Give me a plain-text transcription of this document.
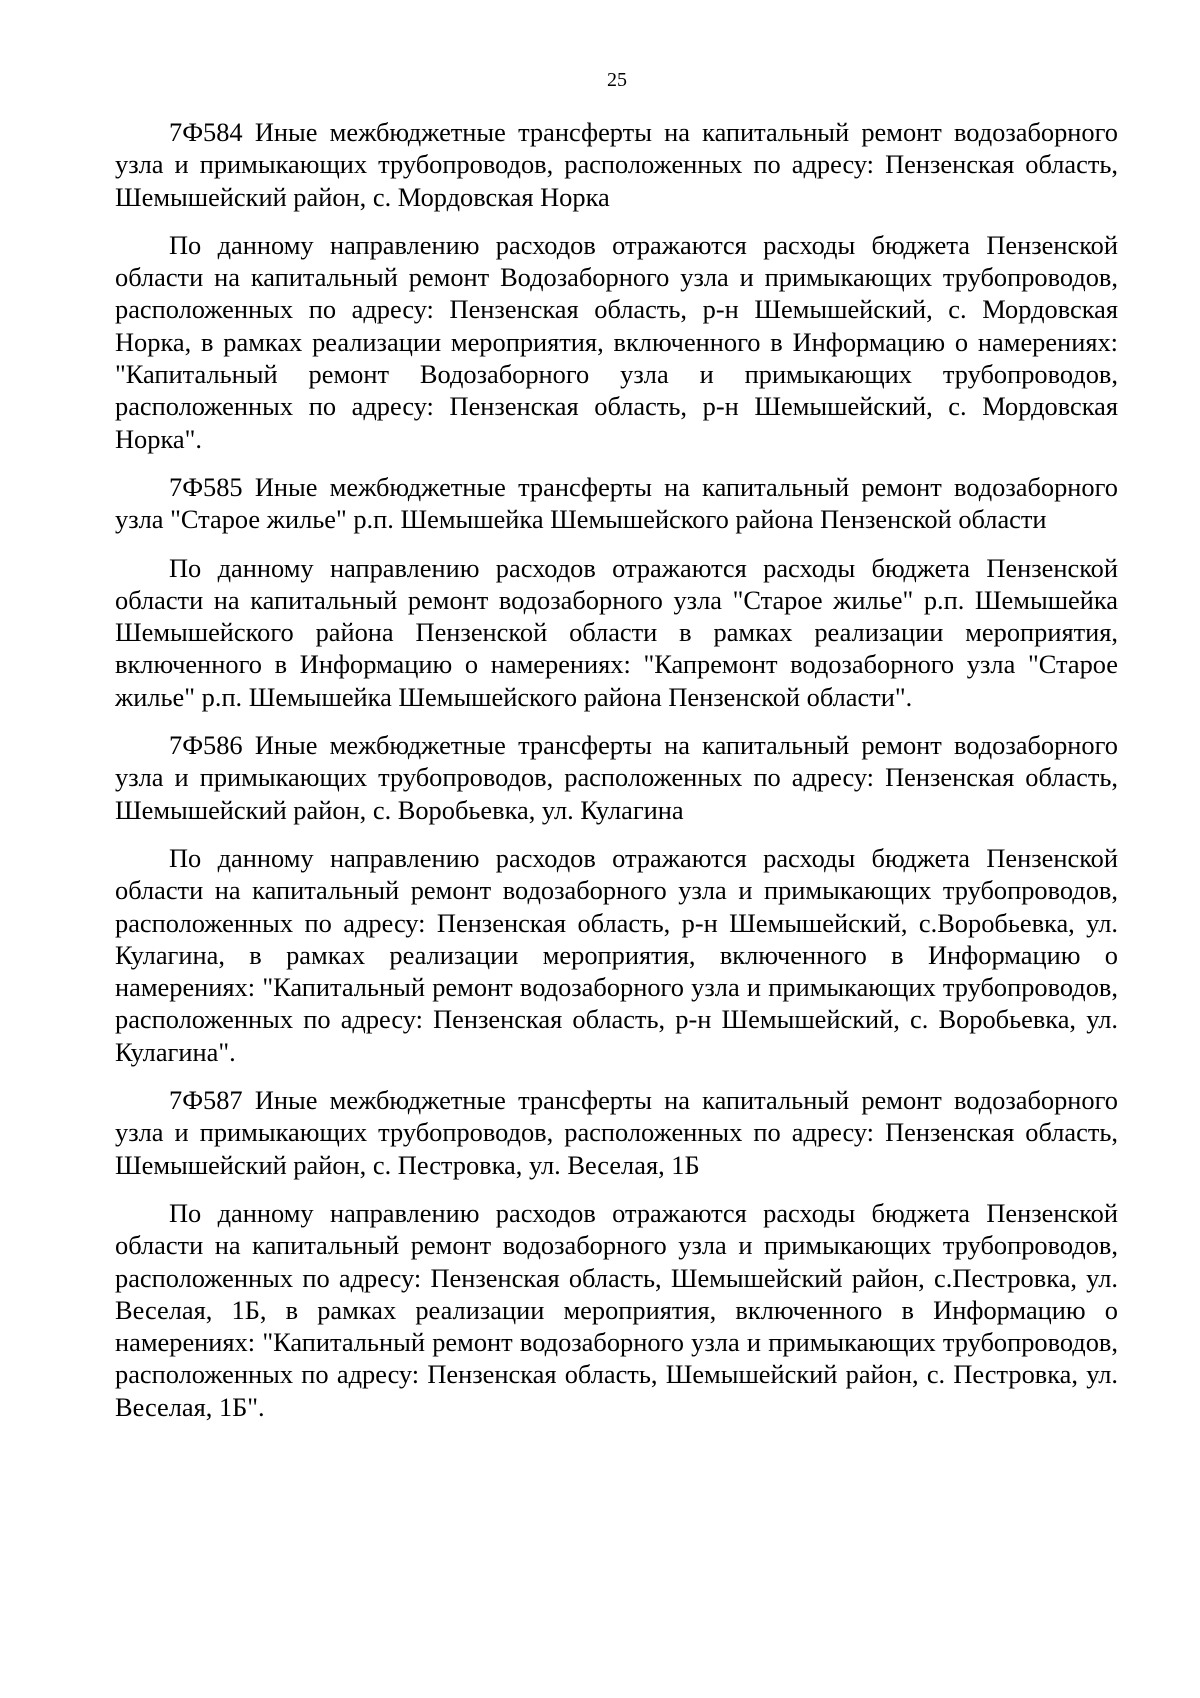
25

7Ф584 Иные межбюджетные трансферты на капитальный ремонт водозаборного узла и примыкающих трубопроводов, расположенных по адресу: Пензенская область, Шемышейский район, с. Мордовская Норка

По данному направлению расходов отражаются расходы бюджета Пензенской области на капитальный ремонт Водозаборного узла и примыкающих трубопроводов, расположенных по адресу: Пензенская область, р-н Шемышейский, с. Мордовская Норка, в рамках реализации мероприятия, включенного в Информацию о намерениях: "Капитальный ремонт Водозаборного узла и примыкающих трубопроводов, расположенных по адресу: Пензенская область, р-н Шемышейский, с. Мордовская Норка".

7Ф585 Иные межбюджетные трансферты на капитальный ремонт водозаборного узла "Старое жилье" р.п. Шемышейка Шемышейского района Пензенской области

По данному направлению расходов отражаются расходы бюджета Пензенской области на капитальный ремонт водозаборного узла "Старое жилье" р.п. Шемышейка Шемышейского района Пензенской области в рамках реализации мероприятия, включенного в Информацию о намерениях: "Капремонт водозаборного узла "Старое жилье" р.п. Шемышейка Шемышейского района Пензенской области".

7Ф586 Иные межбюджетные трансферты на капитальный ремонт водозаборного узла и примыкающих трубопроводов, расположенных по адресу: Пензенская область, Шемышейский район, с. Воробьевка, ул. Кулагина

По данному направлению расходов отражаются расходы бюджета Пензенской области на капитальный ремонт водозаборного узла и примыкающих трубопроводов, расположенных по адресу: Пензенская область, р-н Шемышейский, с.Воробьевка, ул. Кулагина, в рамках реализации мероприятия, включенного в Информацию о намерениях: "Капитальный ремонт водозаборного узла и примыкающих трубопроводов, расположенных по адресу: Пензенская область, р-н Шемышейский, с. Воробьевка, ул. Кулагина".

7Ф587 Иные межбюджетные трансферты на капитальный ремонт водозаборного узла и примыкающих трубопроводов, расположенных по адресу: Пензенская область, Шемышейский район, с. Пестровка, ул. Веселая, 1Б

По данному направлению расходов отражаются расходы бюджета Пензенской области на капитальный ремонт водозаборного узла и примыкающих трубопроводов, расположенных по адресу: Пензенская область, Шемышейский район, с.Пестровка, ул. Веселая, 1Б, в рамках реализации мероприятия, включенного в Информацию о намерениях: "Капитальный ремонт водозаборного узла и примыкающих трубопроводов, расположенных по адресу: Пензенская область, Шемышейский район, с. Пестровка, ул. Веселая, 1Б".
